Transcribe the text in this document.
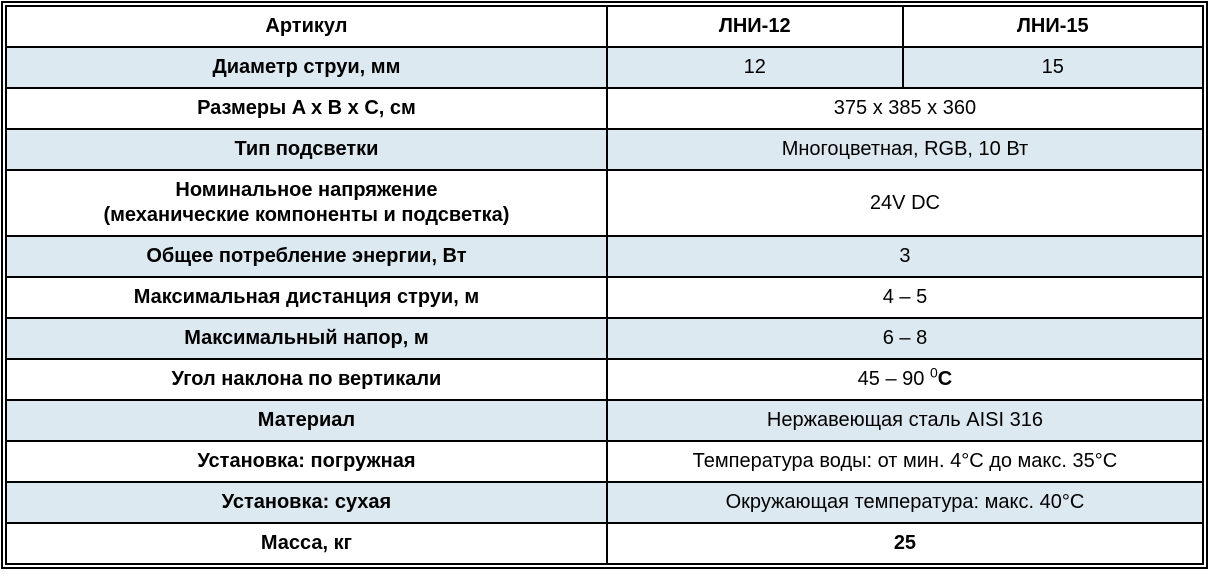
Артикул	ЛНИ-12	ЛНИ-15
Диаметр струи, мм	12	15
Размеры A x B x C, см	375 x 385 x 360	
Тип подсветки	Многоцветная, RGB, 10 Вт	
Номинальное напряжение
(механические компоненты и подсветка)	24V DC	
Общее потребление энергии, Вт	3	
Максимальная дистанция струи, м	4 – 5	
Максимальный напор, м	6 – 8	
Угол наклона по вертикали	45 – 90 $^0$C	
Материал	Нержавеющая сталь AISI 316	
Установка: погружная	Температура воды: от мин. 4°C до макс. 35°C	
Установка: сухая	Окружающая температура: макс. 40°C	
Масса, кг	25	
